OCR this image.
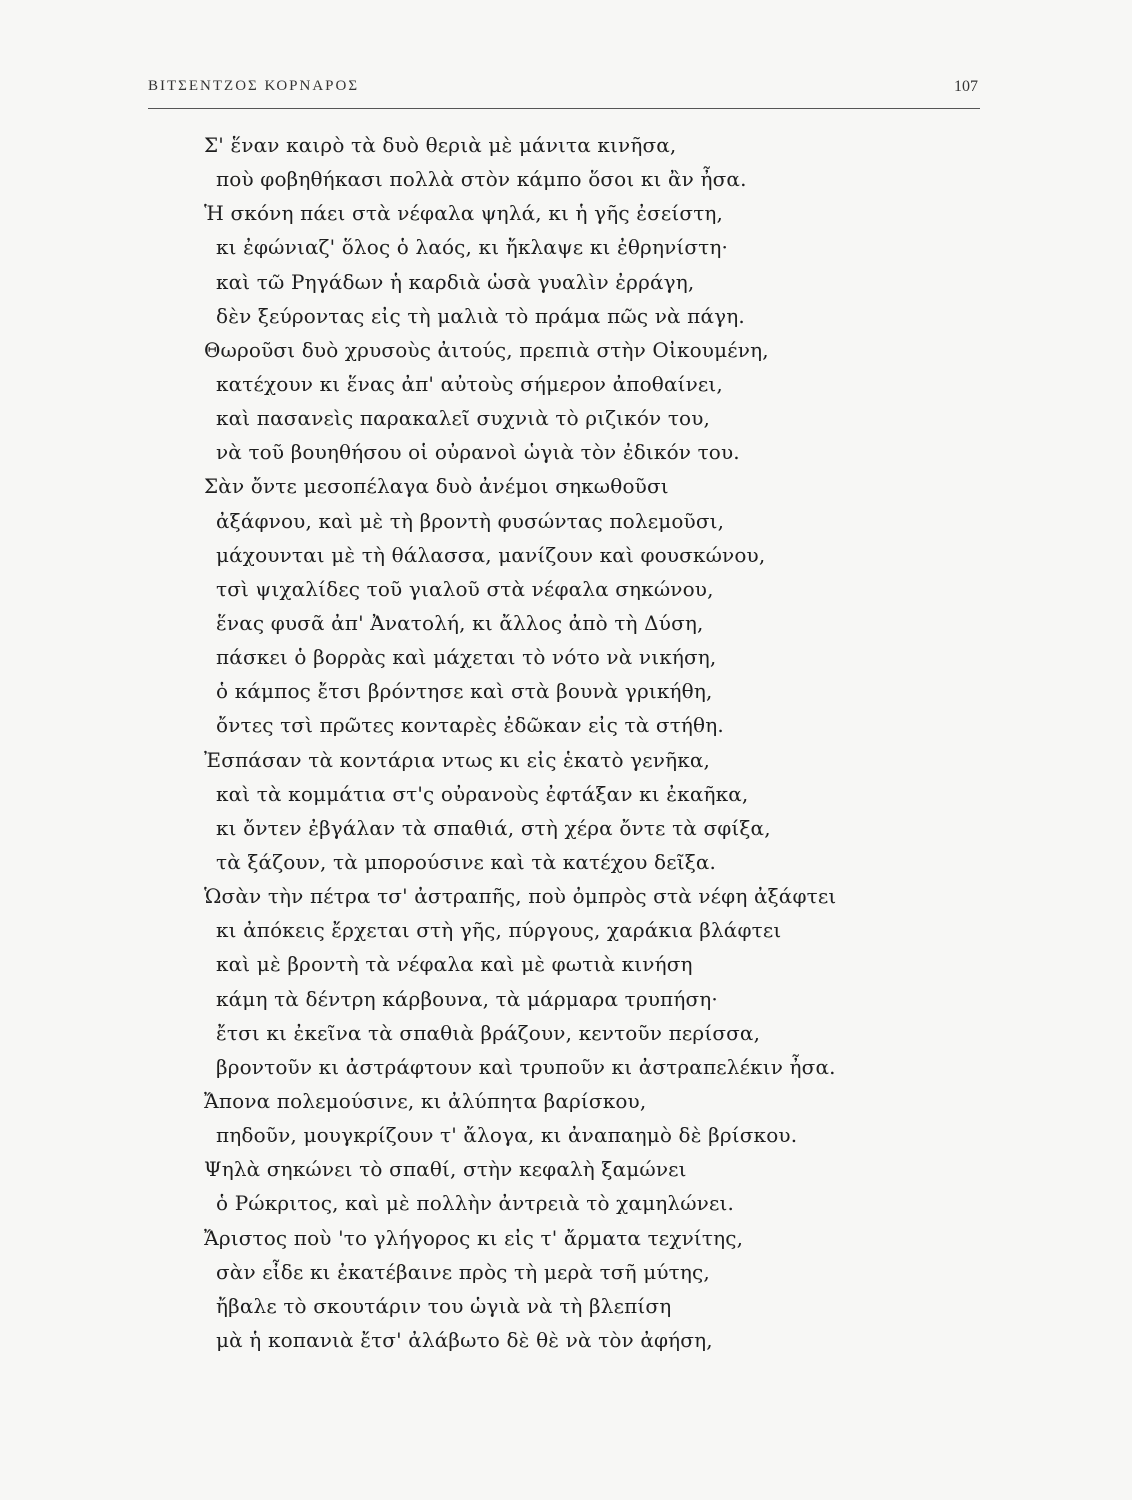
ΒΙΤΣΕΝΤΖΟΣ ΚΟΡΝΑΡΟΣ	107
Σ' ἕναν καιρὸ τὰ δυὸ θεριὰ μὲ μάνιτα κινῆσα,
ποὺ φοβηθήκασι πολλὰ στὸν κάμπο ὅσοι κι ἂν ἦσα.
Ἡ σκόνη πάει στὰ νέφαλα ψηλά, κι ἡ γῆς ἐσείστη,
κι ἐφώνιαζ' ὅλος ὁ λαός, κι ἤκλαψε κι ἐθρηνίστη·
καὶ τῶ Ρηγάδων ἡ καρδιὰ ὡσὰ γυαλὶν ἐρράγη,
δὲν ξεύροντας εἰς τὴ μαλιὰ τὸ πράμα πῶς νὰ πάγη.
Θωροῦσι δυὸ χρυσοὺς ἀιτούς, πρεπιὰ στὴν Οἰκουμένη,
κατέχουν κι ἕνας ἀπ' αὐτοὺς σήμερον ἀποθαίνει,
καὶ πασανεὶς παρακαλεῖ συχνιὰ τὸ ριζικόν του,
νὰ τοῦ βουηθήσου οἱ οὐρανοὶ ὡγιὰ τὸν ἐδικόν του.
Σὰν ὄντε μεσοπέλαγα δυὸ ἀνέμοι σηκωθοῦσι
ἀξάφνου, καὶ μὲ τὴ βροντὴ φυσώντας πολεμοῦσι,
μάχουνται μὲ τὴ θάλασσα, μανίζουν καὶ φουσκώνου,
τσὶ ψιχαλίδες τοῦ γιαλοῦ στὰ νέφαλα σηκώνου,
ἕνας φυσᾶ ἀπ' Ἀνατολή, κι ἄλλος ἀπὸ τὴ Δύση,
πάσκει ὁ βορρὰς καὶ μάχεται τὸ νότο νὰ νικήση,
ὁ κάμπος ἔτσι βρόντησε καὶ στὰ βουνὰ γρικήθη,
ὄντες τσὶ πρῶτες κονταρὲς ἐδῶκαν εἰς τὰ στήθη.
Ἐσπάσαν τὰ κοντάρια ντως κι εἰς ἑκατὸ γενῆκα,
καὶ τὰ κομμάτια στ'ς οὐρανοὺς ἐφτάξαν κι ἐκαῆκα,
κι ὄντεν ἐβγάλαν τὰ σπαθιά, στὴ χέρα ὄντε τὰ σφίξα,
τὰ ξάζουν, τὰ μπορούσινε καὶ τὰ κατέχου δεῖξα.
Ὡσὰν τὴν πέτρα τσ' ἀστραπῆς, ποὺ ὀμπρὸς στὰ νέφη ἀξάφτει
κι ἀπόκεις ἔρχεται στὴ γῆς, πύργους, χαράκια βλάφτει
καὶ μὲ βροντὴ τὰ νέφαλα καὶ μὲ φωτιὰ κινήση
κάμη τὰ δέντρη κάρβουνα, τὰ μάρμαρα τρυπήση·
ἔτσι κι ἐκεῖνα τὰ σπαθιὰ βράζουν, κεντοῦν περίσσα,
βροντοῦν κι ἀστράφτουν καὶ τρυποῦν κι ἀστραπελέκιν ἦσα.
Ἄπονα πολεμούσινε, κι ἀλύπητα βαρίσκου,
πηδοῦν, μουγκρίζουν τ' ἄλογα, κι ἀναπαημὸ δὲ βρίσκου.
Ψηλὰ σηκώνει τὸ σπαθί, στὴν κεφαλὴ ξαμώνει
ὁ Ρώκριτος, καὶ μὲ πολλὴν ἀντρειὰ τὸ χαμηλώνει.
Ἄριστος ποὺ 'το γλήγορος κι εἰς τ' ἄρματα τεχνίτης,
σὰν εἶδε κι ἐκατέβαινε πρὸς τὴ μερὰ τσῆ μύτης,
ἤβαλε τὸ σκουτάριν του ὡγιὰ νὰ τὴ βλεπίση
μὰ ἡ κοπανιὰ ἔτσ' ἀλάβωτο δὲ θὲ νὰ τὸν ἀφήση,
